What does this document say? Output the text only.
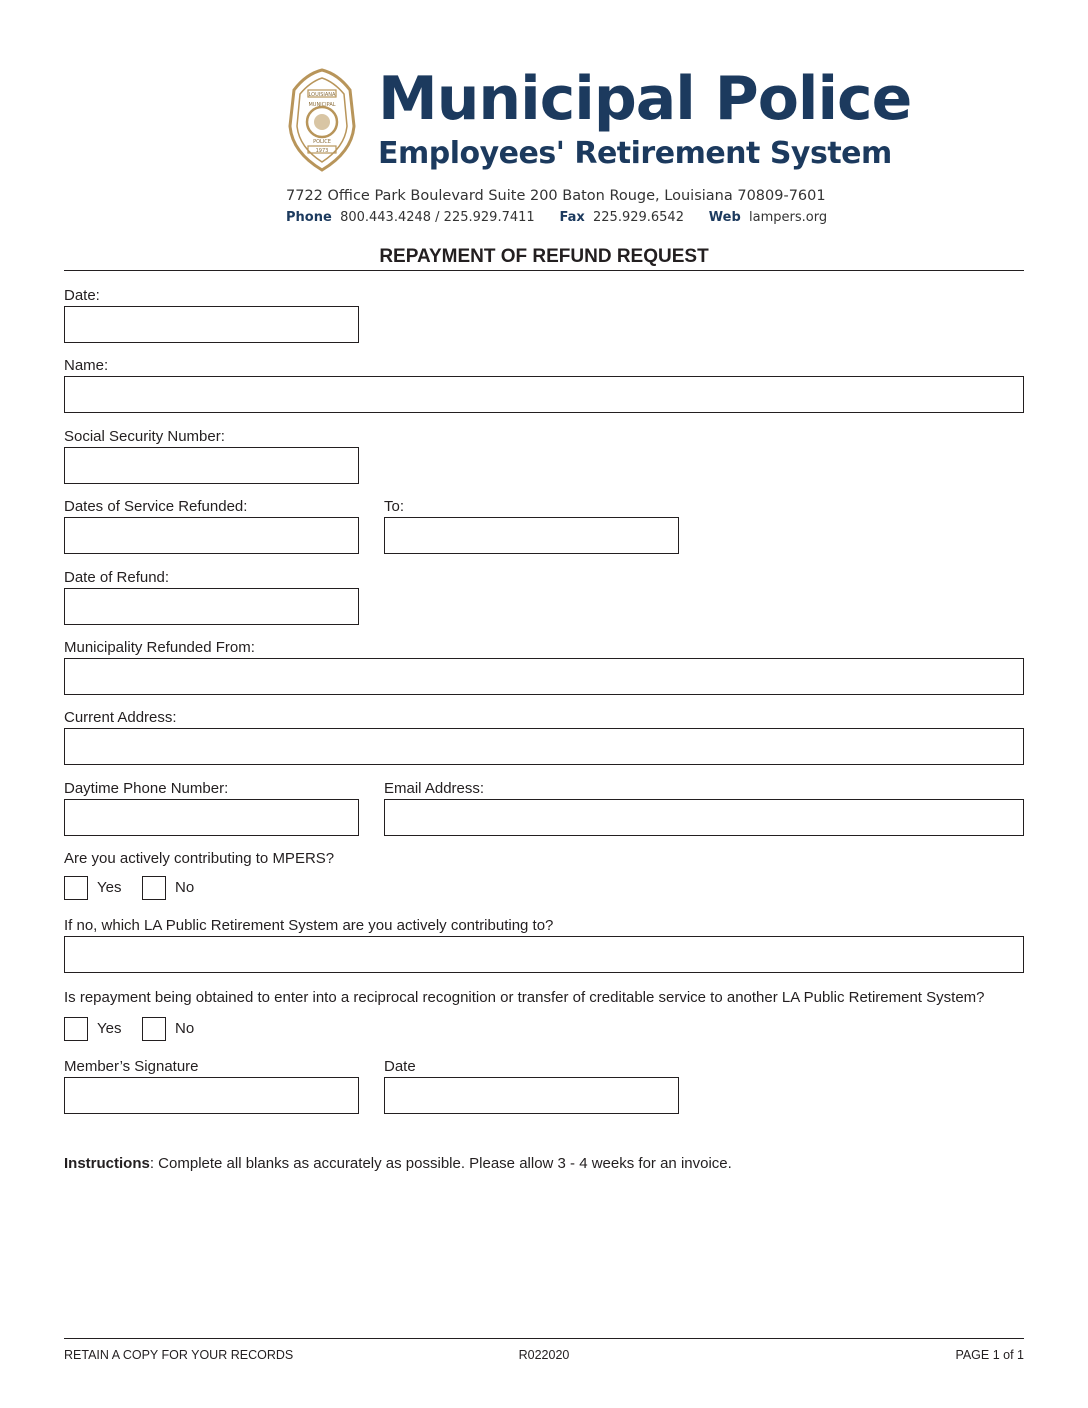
LOUISIANA
MUNICIPAL
POLICE
1973
Municipal Police
Employees' Retirement System
7722 Office Park Boulevard Suite 200 Baton Rouge, Louisiana 70809-7601
Phone 800.443.4248 / 225.929.7411 Fax 225.929.6542 Web lampers.org
REPAYMENT OF REFUND REQUEST
Date:
Name:
Social Security Number:
Dates of Service Refunded:	To:
Date of Refund:
Municipality Refunded From:
Current Address:
Daytime Phone Number:	Email Address:
Are you actively contributing to MPERS?
Yes	No
If no, which LA Public Retirement System are you actively contributing to?
Is repayment being obtained to enter into a reciprocal recognition or transfer of creditable service to another LA Public Retirement System?
Yes	No
Member’s Signature	Date
Instructions: Complete all blanks as accurately as possible. Please allow 3 - 4 weeks for an invoice.
RETAIN A COPY FOR YOUR RECORDS	R022020	PAGE 1 of 1
